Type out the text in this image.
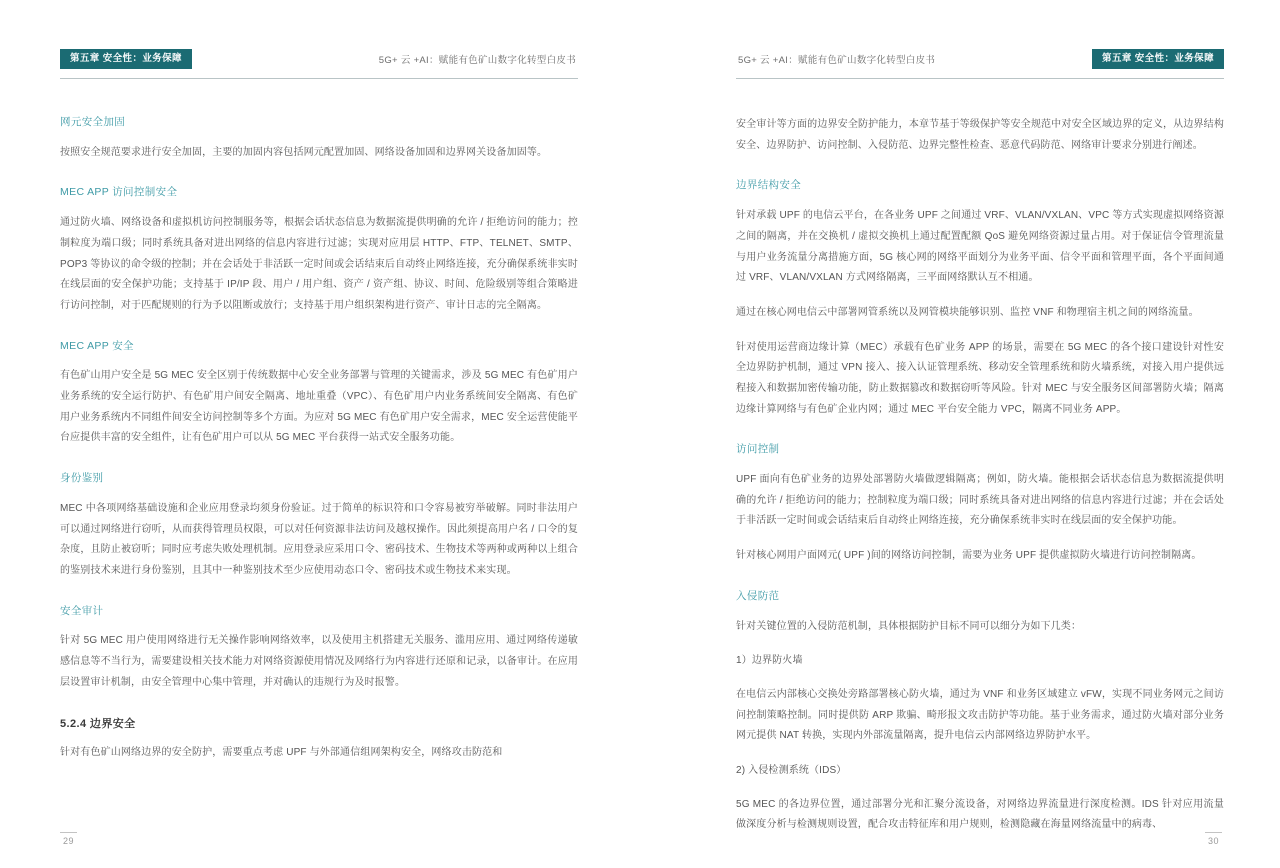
第五章 安全性：业务保障	5G+ 云 +AI：赋能有色矿山数字化转型白皮书
网元安全加固

按照安全规范要求进行安全加固，主要的加固内容包括网元配置加固、网络设备加固和边界网关设备加固等。

MEC APP 访问控制安全

通过防火墙、网络设备和虚拟机访问控制服务等，根据会话状态信息为数据流提供明确的允许 / 拒绝访问的能力；控制粒度为端口级；同时系统具备对进出网络的信息内容进行过滤；实现对应用层 HTTP、FTP、TELNET、SMTP、POP3 等协议的命令级的控制；并在会话处于非活跃一定时间或会话结束后自动终止网络连接，充分确保系统非实时在线层面的安全保护功能；支持基于 IP/IP 段、用户 / 用户组、资产 / 资产组、协议、时间、危险级别等组合策略进行访问控制，对于匹配规则的行为予以阻断或放行；支持基于用户组织架构进行资产、审计日志的完全隔离。

MEC APP 安全

有色矿山用户安全是 5G MEC 安全区别于传统数据中心安全业务部署与管理的关键需求，涉及 5G MEC 有色矿用户业务系统的安全运行防护、有色矿用户间安全隔离、地址重叠（VPC）、有色矿用户内业务系统间安全隔离、有色矿用户业务系统内不同组件间安全访问控制等多个方面。为应对 5G MEC 有色矿用户安全需求，MEC 安全运营使能平台应提供丰富的安全组件，让有色矿用户可以从 5G MEC 平台获得一站式安全服务功能。

身份鉴别

MEC 中各项网络基础设施和企业应用登录均须身份验证。过于简单的标识符和口令容易被穷举破解。同时非法用户可以通过网络进行窃听，从而获得管理员权限，可以对任何资源非法访问及越权操作。因此须提高用户名 / 口令的复杂度，且防止被窃听；同时应考虑失败处理机制。应用登录应采用口令、密码技术、生物技术等两种或两种以上组合的鉴别技术来进行身份鉴别，且其中一种鉴别技术至少应使用动态口令、密码技术或生物技术来实现。

安全审计

针对 5G MEC 用户使用网络进行无关操作影响网络效率，以及使用主机搭建无关服务、滥用应用、通过网络传递敏感信息等不当行为，需要建设相关技术能力对网络资源使用情况及网络行为内容进行还原和记录，以备审计。在应用层设置审计机制，由安全管理中心集中管理，并对确认的违规行为及时报警。

5.2.4 边界安全

针对有色矿山网络边界的安全防护，需要重点考虑 UPF 与外部通信组网架构安全，网络攻击防范和

29
5G+ 云 +AI：赋能有色矿山数字化转型白皮书	第五章 安全性：业务保障

安全审计等方面的边界安全防护能力，本章节基于等级保护等安全规范中对安全区域边界的定义，从边界结构安全、边界防护、访问控制、入侵防范、边界完整性检查、恶意代码防范、网络审计要求分别进行阐述。

边界结构安全

针对承载 UPF 的电信云平台，在各业务 UPF 之间通过 VRF、VLAN/VXLAN、VPC 等方式实现虚拟网络资源之间的隔离，并在交换机 / 虚拟交换机上通过配置配额 QoS 避免网络资源过量占用。对于保证信令管理流量与用户业务流量分离措施方面，5G 核心网的网络平面划分为业务平面、信令平面和管理平面，各个平面间通过 VRF、VLAN/VXLAN 方式网络隔离，三平面网络默认互不相通。

通过在核心网电信云中部署网管系统以及网管模块能够识别、监控 VNF 和物理宿主机之间的网络流量。

针对使用运营商边缘计算（MEC）承载有色矿业务 APP 的场景，需要在 5G MEC 的各个接口建设针对性安全边界防护机制，通过 VPN 接入、接入认证管理系统、移动安全管理系统和防火墙系统，对接入用户提供远程接入和数据加密传输功能，防止数据篡改和数据窃听等风险。针对 MEC 与安全服务区间部署防火墙；隔离边缘计算网络与有色矿企业内网；通过 MEC 平台安全能力 VPC，隔离不同业务 APP。

访问控制

UPF 面向有色矿业务的边界处部署防火墙做逻辑隔离；例如，防火墙。能根据会话状态信息为数据流提供明确的允许 / 拒绝访问的能力；控制粒度为端口级；同时系统具备对进出网络的信息内容进行过滤；并在会话处于非活跃一定时间或会话结束后自动终止网络连接，充分确保系统非实时在线层面的安全保护功能。

针对核心网用户面网元( UPF )间的网络访问控制，需要为业务 UPF 提供虚拟防火墙进行访问控制隔离。

入侵防范

针对关键位置的入侵防范机制，具体根据防护目标不同可以细分为如下几类：

1）边界防火墙

在电信云内部核心交换处旁路部署核心防火墙，通过为 VNF 和业务区域建立 vFW，实现不同业务网元之间访问控制策略控制。同时提供防 ARP 欺骗、畸形报文攻击防护等功能。基于业务需求，通过防火墙对部分业务网元提供 NAT 转换，实现内外部流量隔离，提升电信云内部网络边界防护水平。

2) 入侵检测系统（IDS）

5G MEC 的各边界位置，通过部署分光和汇聚分流设备，对网络边界流量进行深度检测。IDS 针对应用流量做深度分析与检测规则设置，配合攻击特征库和用户规则，检测隐藏在海量网络流量中的病毒、

30
